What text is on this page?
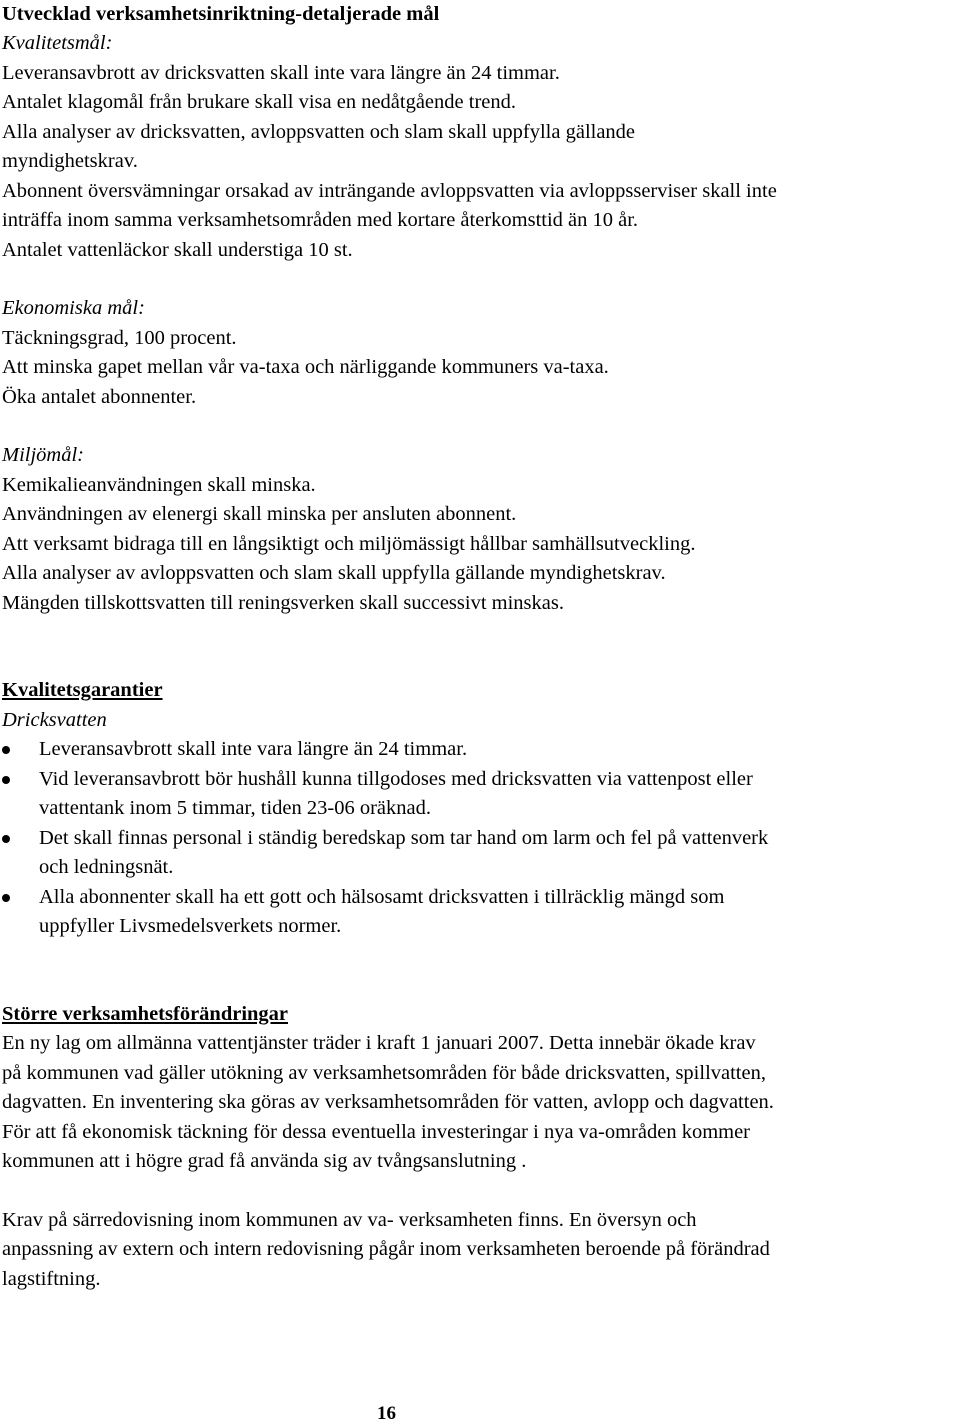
Utvecklad verksamhetsinriktning-detaljerade mål

Kvalitetsmål:

Leveransavbrott av dricksvatten skall inte vara längre än 24 timmar.

Antalet klagomål från brukare skall visa en nedåtgående trend.

Alla analyser av dricksvatten, avloppsvatten och slam skall uppfylla gällande

myndighetskrav.

Abonnent översvämningar orsakad av inträngande avloppsvatten via avloppsserviser skall inte

inträffa inom samma verksamhetsområden med kortare återkomsttid än 10 år.

Antalet vattenläckor skall understiga 10 st.

Ekonomiska mål:

Täckningsgrad, 100 procent.

Att minska gapet mellan vår va-taxa och närliggande kommuners va-taxa.

Öka antalet abonnenter.

Miljömål:

Kemikalieanvändningen skall minska.

Användningen av elenergi skall minska per ansluten abonnent.

Att verksamt bidraga till en långsiktigt och miljömässigt hållbar samhällsutveckling.

Alla analyser av avloppsvatten och slam skall uppfylla gällande myndighetskrav.

Mängden tillskottsvatten till reningsverken skall successivt minskas.

Kvalitetsgarantier

Dricksvatten

Leveransavbrott skall inte vara längre än 24 timmar.
Vid leveransavbrott bör hushåll kunna tillgodoses med dricksvatten via vattenpost eller
vattentank inom 5 timmar, tiden 23-06 oräknad.
Det skall finnas personal i ständig beredskap som tar hand om larm och fel på vattenverk
och ledningsnät.
Alla abonnenter skall ha ett gott och hälsosamt dricksvatten i tillräcklig mängd som
uppfyller Livsmedelsverkets normer.

Större verksamhetsförändringar

En ny lag om allmänna vattentjänster träder i kraft 1 januari 2007. Detta innebär ökade krav

på kommunen vad gäller utökning av verksamhetsområden för både dricksvatten, spillvatten,

dagvatten. En inventering ska göras av verksamhetsområden för vatten, avlopp och dagvatten.

För att få ekonomisk täckning för dessa eventuella investeringar i nya va-områden kommer

kommunen att i högre grad få använda sig av tvångsanslutning .

Krav på särredovisning inom kommunen av va- verksamheten finns. En översyn och

anpassning av extern och intern redovisning pågår inom verksamheten beroende på förändrad

lagstiftning.

16
